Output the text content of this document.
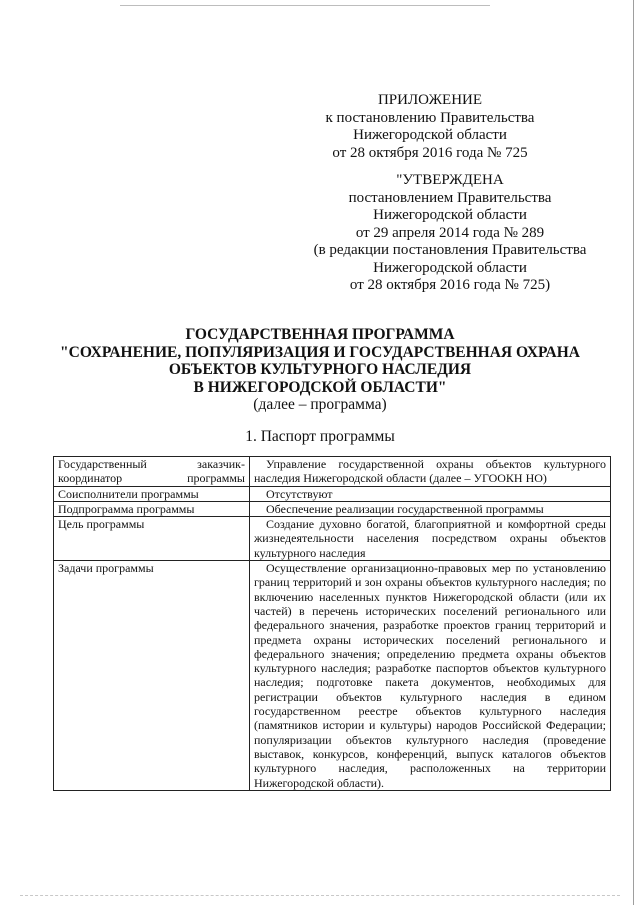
ПРИЛОЖЕНИЕ
к постановлению Правительства
Нижегородской области
от 28 октября 2016 года № 725
"УТВЕРЖДЕНА
постановлением Правительства
Нижегородской области
от 29 апреля 2014 года № 289
(в редакции постановления Правительства
Нижегородской области
от 28 октября 2016 года № 725)
ГОСУДАРСТВЕННАЯ ПРОГРАММА
"СОХРАНЕНИЕ, ПОПУЛЯРИЗАЦИЯ И ГОСУДАРСТВЕННАЯ ОХРАНА
ОБЪЕКТОВ КУЛЬТУРНОГО НАСЛЕДИЯ
В НИЖЕГОРОДСКОЙ ОБЛАСТИ"
(далее – программа)
1. Паспорт программы
Государственный заказчик-координатор программы	Управление государственной охраны объектов культурного наследия Нижегородской области (далее – УГООКН НО)
Соисполнители программы	Отсутствуют
Подпрограмма программы	Обеспечение реализации государственной программы
Цель программы	Создание духовно богатой, благоприятной и комфортной среды жизнедеятельности населения посредством охраны объектов культурного наследия
Задачи программы	Осуществление организационно-правовых мер по установлению границ территорий и зон охраны объектов культурного наследия; по включению населенных пунктов Нижегородской области (или их частей) в перечень исторических поселений регионального или федерального значения, разработке проектов границ территорий и предмета охраны исторических поселений регионального и федерального значения; определению предмета охраны объектов культурного наследия; разработке паспортов объектов культурного наследия; подготовке пакета документов, необходимых для регистрации объектов культурного наследия в едином государственном реестре объектов культурного наследия (памятников истории и культуры) народов Российской Федерации; популяризации объектов культурного наследия (проведение выставок, конкурсов, конференций, выпуск каталогов объектов культурного наследия, расположенных на территории Нижегородской области).
